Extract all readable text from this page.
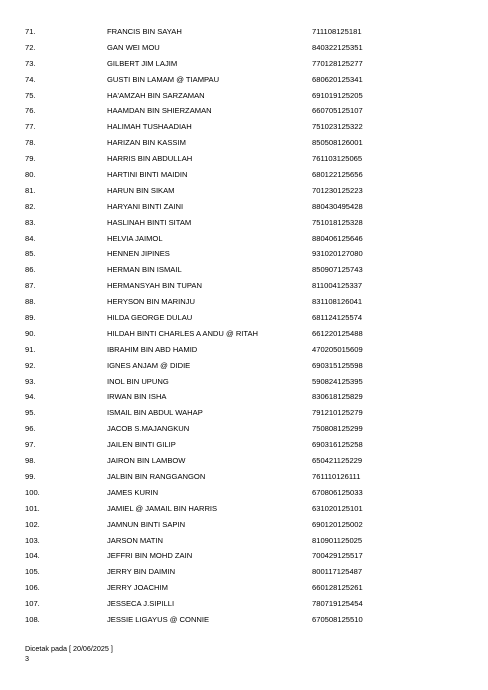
71.	FRANCIS BIN SAYAH	711108125181
72.	GAN WEI MOU	840322125351
73.	GILBERT JIM LAJIM	770128125277
74.	GUSTI BIN LAMAM @ TIAMPAU	680620125341
75.	HA'AMZAH BIN SARZAMAN	691019125205
76.	HAAMDAN BIN SHIERZAMAN	660705125107
77.	HALIMAH TUSHAADIAH	751023125322
78.	HARIZAN BIN KASSIM	850508126001
79.	HARRIS BIN ABDULLAH	761103125065
80.	HARTINI BINTI MAIDIN	680122125656
81.	HARUN BIN SIKAM	701230125223
82.	HARYANI BINTI ZAINI	880430495428
83.	HASLINAH BINTI SITAM	751018125328
84.	HELVIA JAIMOL	880406125646
85.	HENNEN JIPINES	931020127080
86.	HERMAN BIN ISMAIL	850907125743
87.	HERMANSYAH BIN TUPAN	811004125337
88.	HERYSON BIN MARINJU	831108126041
89.	HILDA GEORGE DULAU	681124125574
90.	HILDAH BINTI CHARLES A ANDU @ RITAH	661220125488
91.	IBRAHIM BIN ABD HAMID	470205015609
92.	IGNES ANJAM @ DIDIE	690315125598
93.	INOL BIN UPUNG	590824125395
94.	IRWAN BIN ISHA	830618125829
95.	ISMAIL BIN ABDUL WAHAP	791210125279
96.	JACOB S.MAJANGKUN	750808125299
97.	JAILEN BINTI GILIP	690316125258
98.	JAIRON BIN LAMBOW	650421125229
99.	JALBIN BIN RANGGANGON	761110126111
100.	JAMES KURIN	670806125033
101.	JAMIEL @ JAMAIL BIN HARRIS	631020125101
102.	JAMNUN BINTI SAPIN	690120125002
103.	JARSON MATIN	810901125025
104.	JEFFRI BIN MOHD ZAIN	700429125517
105.	JERRY BIN DAIMIN	800117125487
106.	JERRY JOACHIM	660128125261
107.	JESSECA J.SIPILLI	780719125454
108.	JESSIE LIGAYUS @ CONNIE	670508125510
Dicetak pada [ 20/06/2025 ]
3
